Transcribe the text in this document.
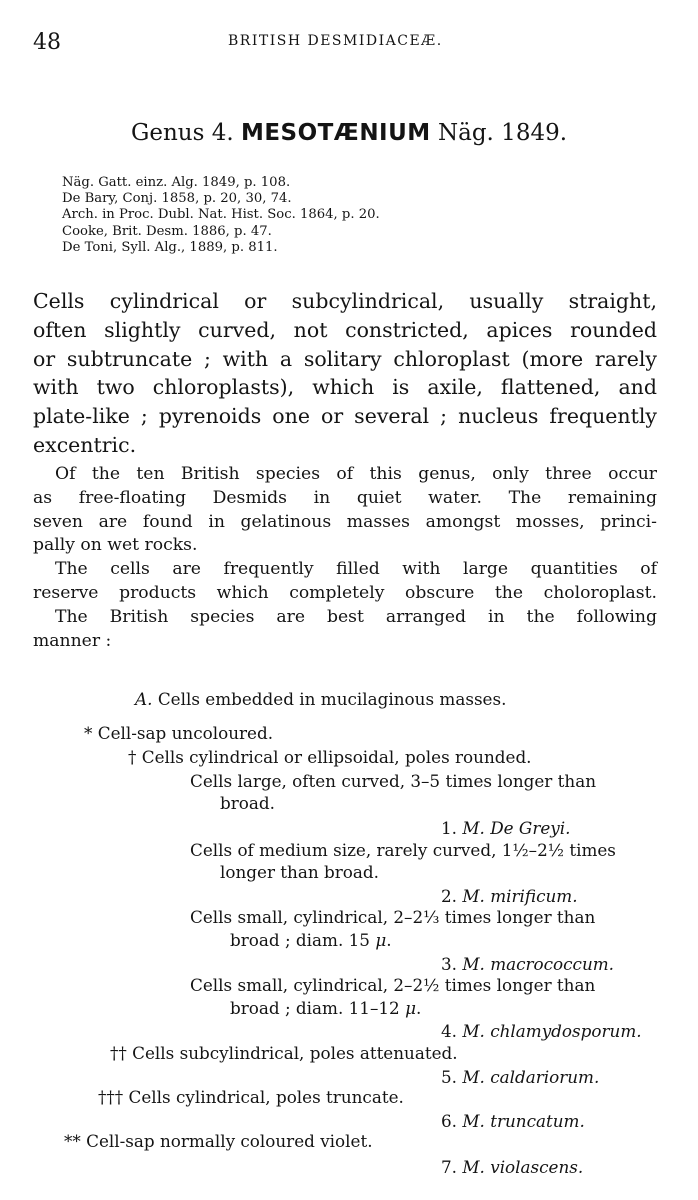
48	BRITISH DESMIDIACEÆ.
Genus 4. MESOTÆNIUM Näg. 1849.
Näg. Gatt. einz. Alg. 1849, p. 108.
De Bary, Conj. 1858, p. 20, 30, 74.
Arch. in Proc. Dubl. Nat. Hist. Soc. 1864, p. 20.
Cooke, Brit. Desm. 1886, p. 47.
De Toni, Syll. Alg., 1889, p. 811.
Cells cylindrical or subcylindrical, usually straight,
often slightly curved, not constricted, apices rounded
or subtruncate ; with a solitary chloroplast (more rarely
with two chloroplasts), which is axile, flattened, and
plate-like ; pyrenoids one or several ; nucleus frequently
excentric.
Of the ten British species of this genus, only three occur
as free-floating Desmids in quiet water. The remaining
seven are found in gelatinous masses amongst mosses, princi-
pally on wet rocks.
The cells are frequently filled with large quantities of
reserve products which completely obscure the choloroplast.
The British species are best arranged in the following
manner :
A. Cells embedded in mucilaginous masses.
* Cell-sap uncoloured.
† Cells cylindrical or ellipsoidal, poles rounded.
Cells large, often curved, 3–5 times longer than
broad.
1. M. De Greyi.
Cells of medium size, rarely curved, 1½–2½ times
longer than broad.
2. M. mirificum.
Cells small, cylindrical, 2–2⅓ times longer than
broad ; diam. 15 μ.
3. M. macrococcum.
Cells small, cylindrical, 2–2½ times longer than
broad ; diam. 11–12 μ.
4. M. chlamydosporum.
†† Cells subcylindrical, poles attenuated.
5. M. caldariorum.
††† Cells cylindrical, poles truncate.
6. M. truncatum.
** Cell-sap normally coloured violet.
7. M. violascens.
